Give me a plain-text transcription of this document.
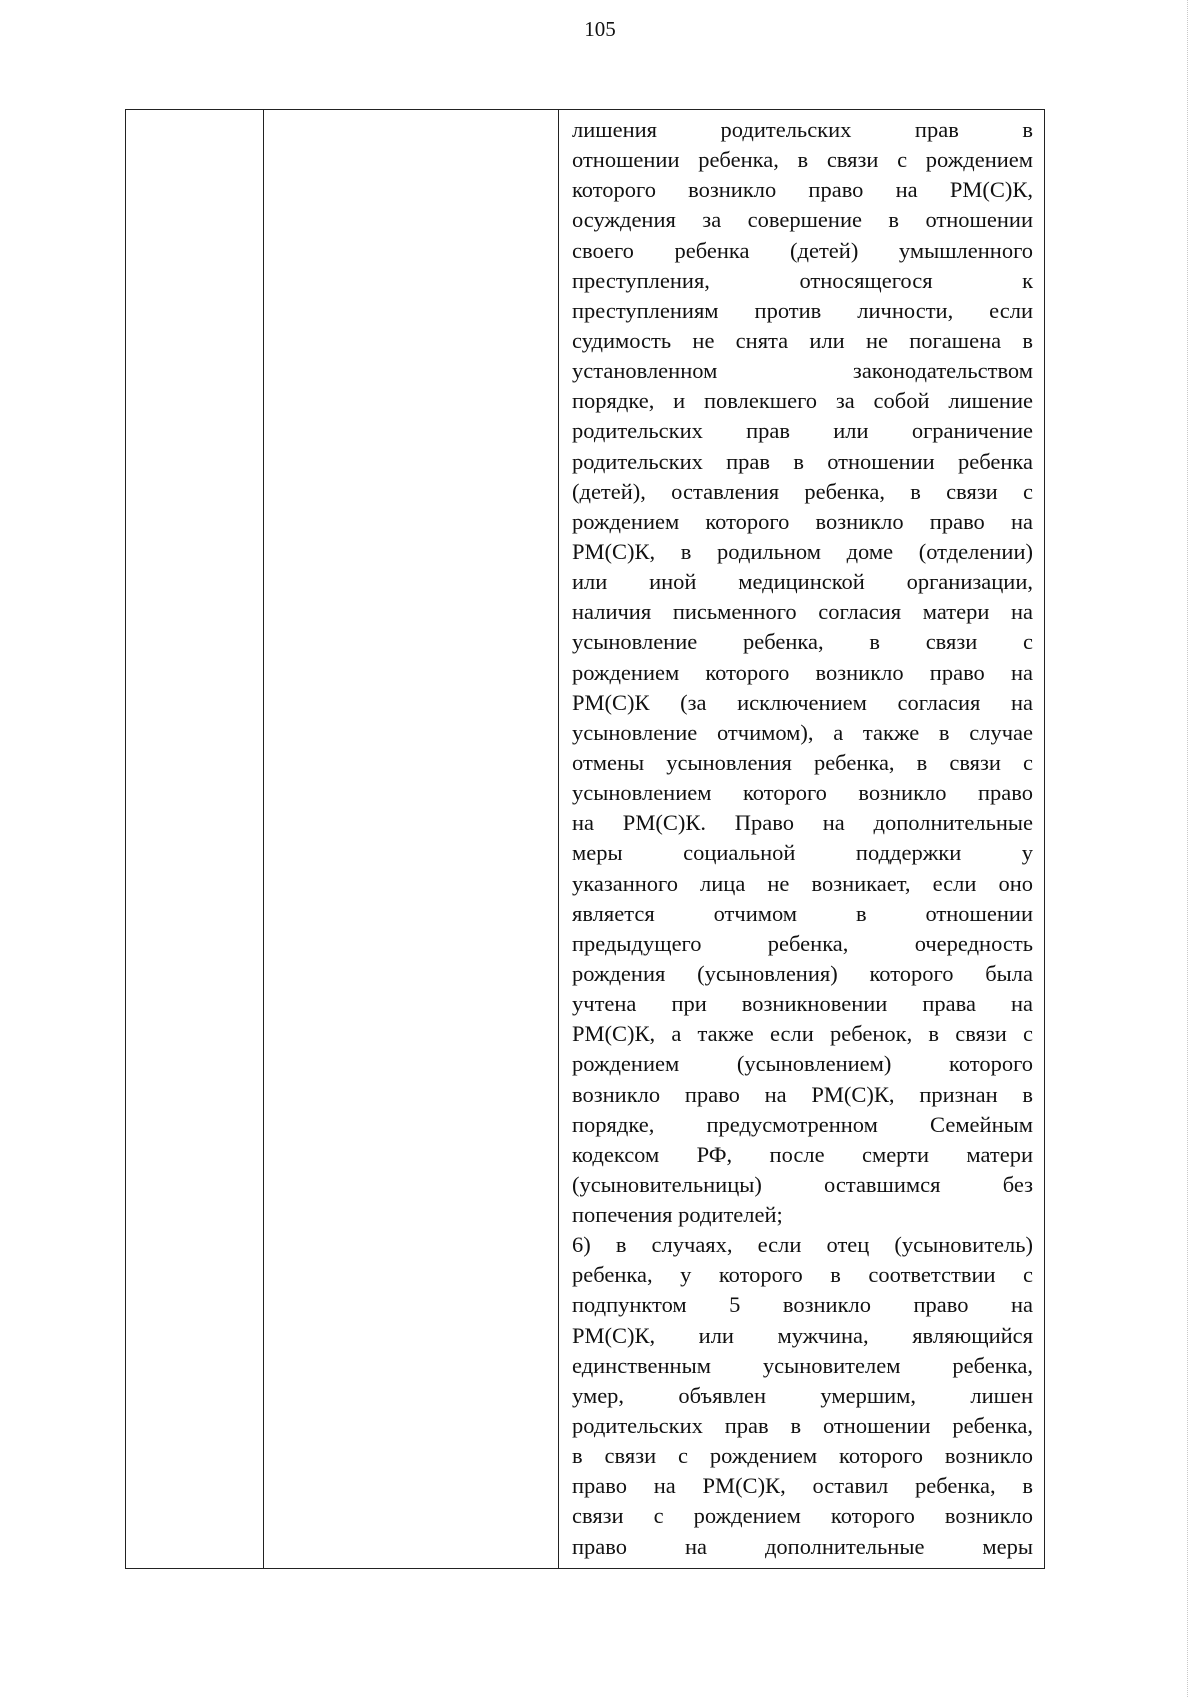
105
лишения родительских прав в
отношении ребенка, в связи с рождением
которого возникло право на РМ(С)К,
осуждения за совершение в отношении
своего ребенка (детей) умышленного
преступления, относящегося к
преступлениям против личности, если
судимость не снята или не погашена в
установленном законодательством
порядке, и повлекшего за собой лишение
родительских прав или ограничение
родительских прав в отношении ребенка
(детей), оставления ребенка, в связи с
рождением которого возникло право на
РМ(С)К, в родильном доме (отделении)
или иной медицинской организации,
наличия письменного согласия матери на
усыновление ребенка, в связи с
рождением которого возникло право на
РМ(С)К (за исключением согласия на
усыновление отчимом), а также в случае
отмены усыновления ребенка, в связи с
усыновлением которого возникло право
на РМ(С)К. Право на дополнительные
меры социальной поддержки у
указанного лица не возникает, если оно
является отчимом в отношении
предыдущего ребенка, очередность
рождения (усыновления) которого была
учтена при возникновении права на
РМ(С)К, а также если ребенок, в связи с
рождением (усыновлением) которого
возникло право на РМ(С)К, признан в
порядке, предусмотренном Семейным
кодексом РФ, после смерти матери
(усыновительницы) оставшимся без
попечения родителей;
6) в случаях, если отец (усыновитель)
ребенка, у которого в соответствии с
подпунктом 5 возникло право на
РМ(С)К, или мужчина, являющийся
единственным усыновителем ребенка,
умер, объявлен умершим, лишен
родительских прав в отношении ребенка,
в связи с рождением которого возникло
право на РМ(С)К, оставил ребенка, в
связи с рождением которого возникло
право на дополнительные меры
